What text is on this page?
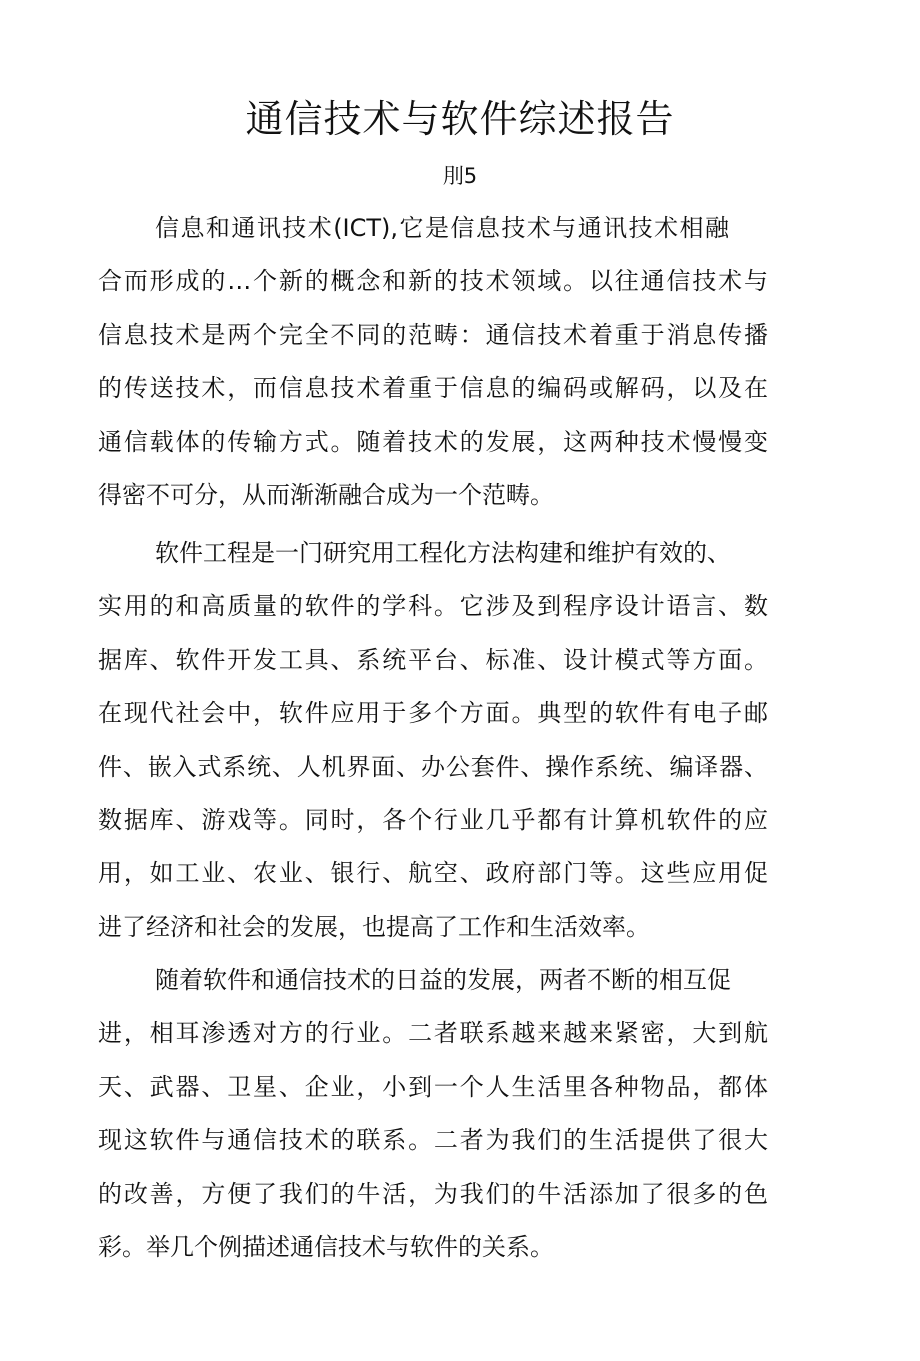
通信技术与软件综述报告
刖5
信息和通讯技术(ICT),它是信息技术与通讯技术相融
合而形成的…个新的概念和新的技术领域。以往通信技术与
信息技术是两个完全不同的范畴：通信技术着重于消息传播
的传送技术，而信息技术着重于信息的编码或解码，以及在
通信载体的传输方式。随着技术的发展，这两种技术慢慢变
得密不可分，从而渐渐融合成为一个范畴。
软件工程是一门研究用工程化方法构建和维护有效的、
实用的和高质量的软件的学科。它涉及到程序设计语言、数
据库、软件开发工具、系统平台、标准、设计模式等方面。
在现代社会中，软件应用于多个方面。典型的软件有电子邮
件、嵌入式系统、人机界面、办公套件、操作系统、编译器、
数据库、游戏等。同时，各个行业几乎都有计算机软件的应
用，如工业、农业、银行、航空、政府部门等。这些应用促
进了经济和社会的发展，也提高了工作和生活效率。
随着软件和通信技术的日益的发展，两者不断的相互促
进，相耳渗透对方的行业。二者联系越来越来紧密，大到航
天、武器、卫星、企业，小到一个人生活里各种物品，都体
现这软件与通信技术的联系。二者为我们的生活提供了很大
的改善，方便了我们的牛活，为我们的牛活添加了很多的色
彩。举几个例描述通信技术与软件的关系。
